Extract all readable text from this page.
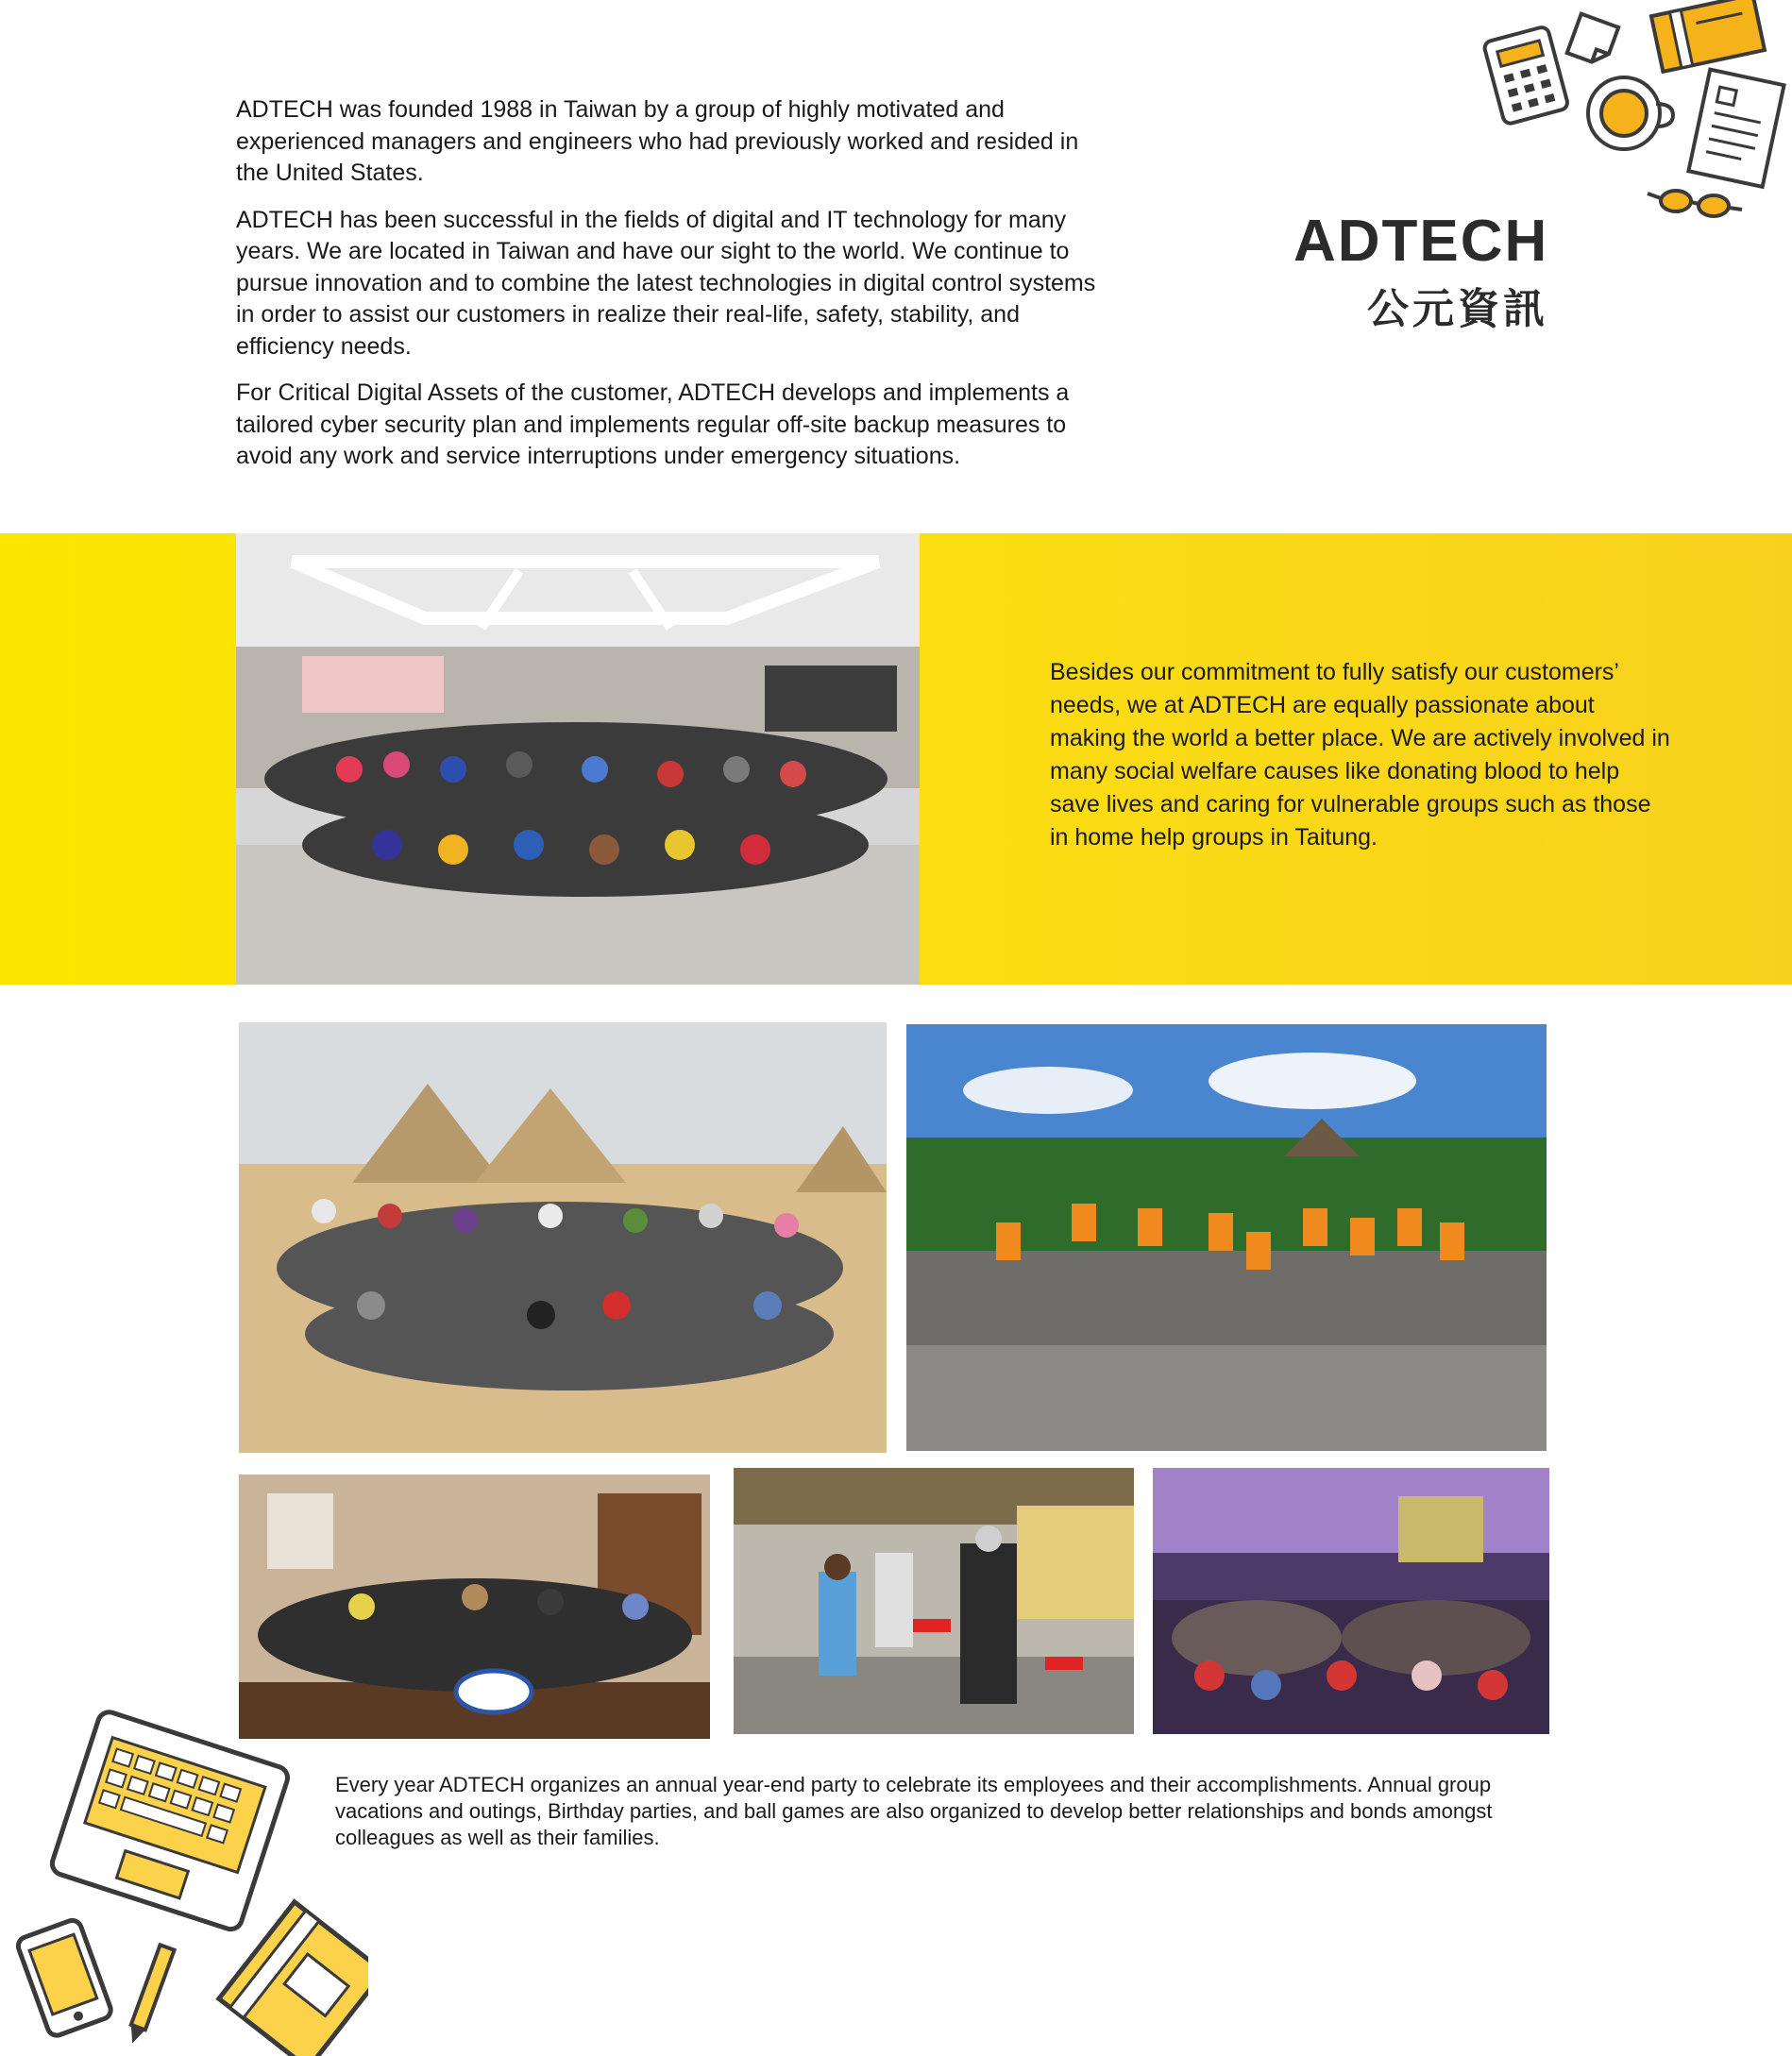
ADTECH was founded 1988 in Taiwan by a group of highly motivated and experienced managers and engineers who had previously worked and resided in the United States.

ADTECH has been successful in the fields of digital and IT technology for many years. We are located in Taiwan and have our sight to the world. We continue to pursue innovation and to combine the latest technologies in digital control systems in order to assist our customers in realize their real-life, safety, stability, and efficiency needs.

For Critical Digital Assets of the customer, ADTECH develops and implements a tailored cyber security plan and implements regular off-site backup measures to avoid any work and service interruptions under emergency situations.

ADTECH
公元資訊
Besides our commitment to fully satisfy our customers’ needs, we at ADTECH are equally passionate about making the world a better place. We are actively involved in many social welfare causes like donating blood to help save lives and caring for vulnerable groups such as those in home help groups in Taitung.
Every year ADTECH organizes an annual year-end party to celebrate its employees and their accomplishments. Annual group vacations and outings, Birthday parties, and ball games are also organized to develop better relationships and bonds amongst colleagues as well as their families.
